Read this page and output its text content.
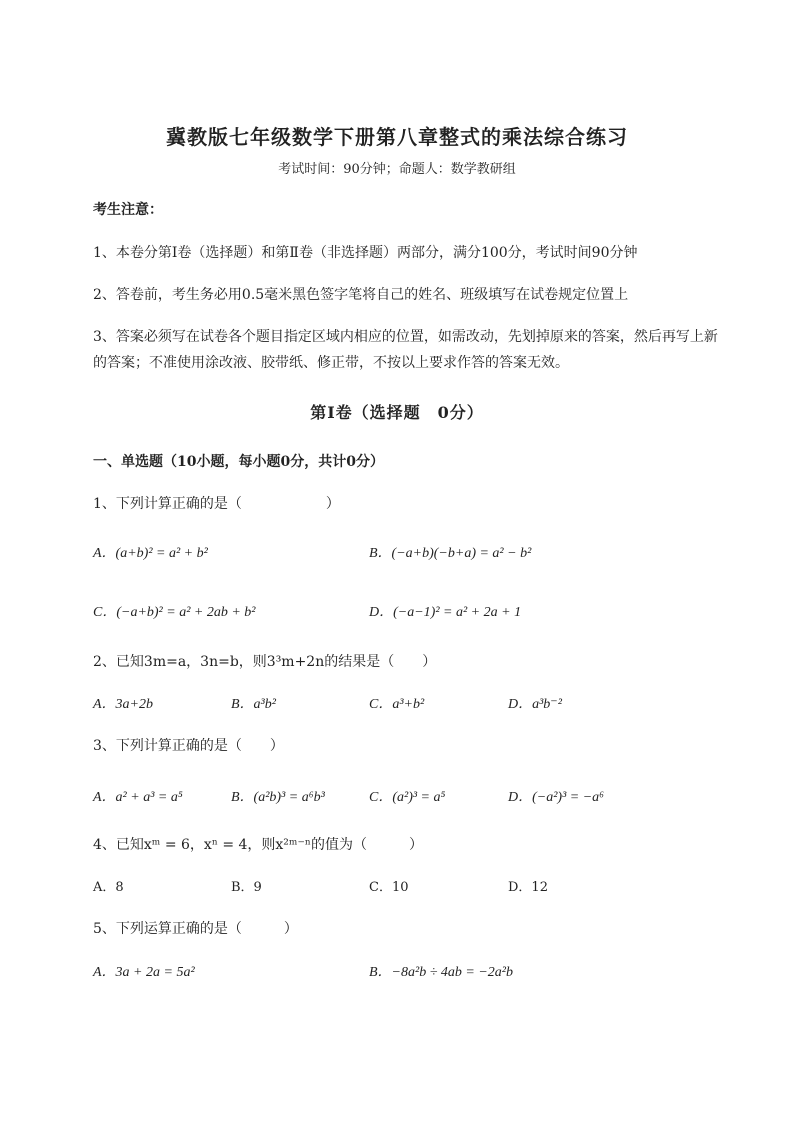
冀教版七年级数学下册第八章整式的乘法综合练习
考试时间：90分钟；命题人：数学教研组
考生注意：
1、本卷分第Ⅰ卷（选择题）和第Ⅱ卷（非选择题）两部分，满分100分，考试时间90分钟
2、答卷前，考生务必用0.5毫米黑色签字笔将自己的姓名、班级填写在试卷规定位置上
3、答案必须写在试卷各个题目指定区域内相应的位置，如需改动，先划掉原来的答案，然后再写上新
的答案；不准使用涂改液、胶带纸、修正带，不按以上要求作答的答案无效。
第Ⅰ卷（选择题　0分）
一、单选题（10小题，每小题0分，共计0分）
1、下列计算正确的是（　　　　　　）
A．(a+b)² = a² + b²	B．(−a+b)(−b+a) = a² − b²
C．(−a+b)² = a² + 2ab + b²	D．(−a−1)² = a² + 2a + 1
2、已知3m=a，3n=b，则3³m+2n的结果是（　　）
A．3a+2b	B．a³b²	C．a³+b²	D．a³b⁻²
3、下列计算正确的是（　　）
A．a² + a³ = a⁵	B．(a²b)³ = a⁶b³	C．(a²)³ = a⁵	D．(−a²)³ = −a⁶
4、已知xᵐ = 6，xⁿ = 4，则x²ᵐ⁻ⁿ的值为（　　　）
A．8	B．9	C．10	D．12
5、下列运算正确的是（　　　）
A．3a + 2a = 5a²	B．−8a²b ÷ 4ab = −2a²b
